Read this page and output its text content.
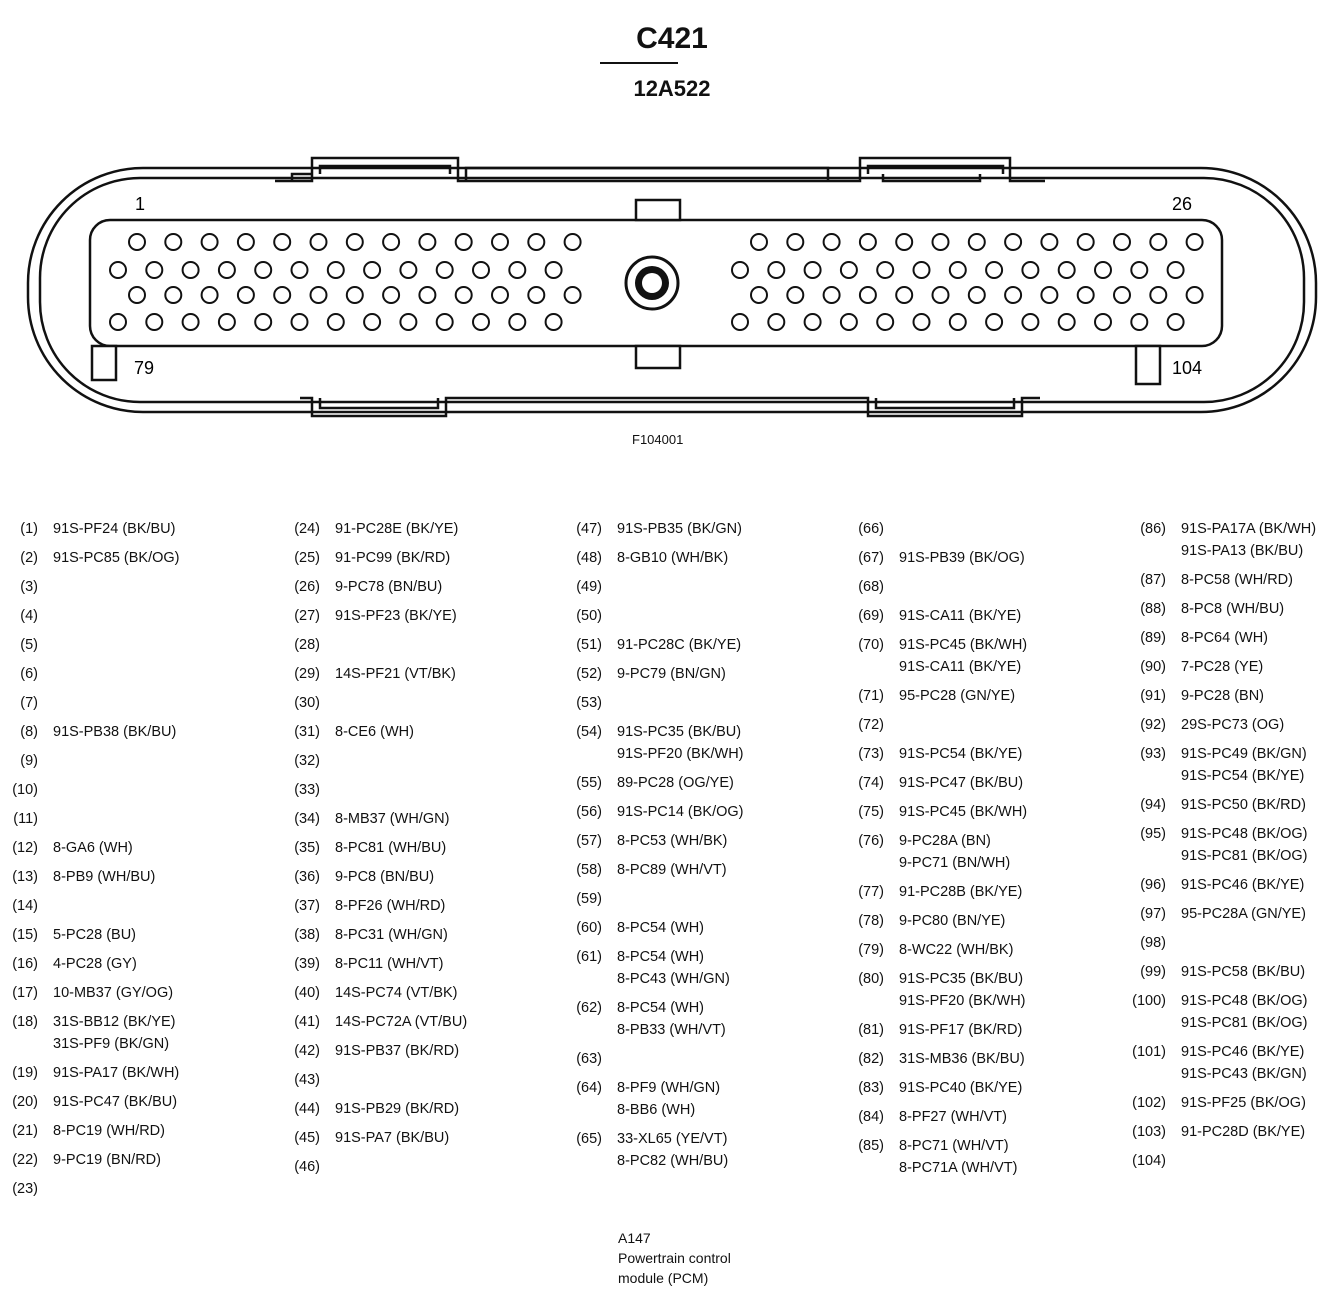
C421
12A522
1	26
79	104
F104001
(1) 91S-PF24 (BK/BU)
(2) 91S-PC85 (BK/OG)
(3)
(4)
(5)
(6)
(7)
(8) 91S-PB38 (BK/BU)
(9)
(10)
(11)
(12) 8-GA6 (WH)
(13) 8-PB9 (WH/BU)
(14)
(15) 5-PC28 (BU)
(16) 4-PC28 (GY)
(17) 10-MB37 (GY/OG)
(18) 31S-BB12 (BK/YE)
31S-PF9 (BK/GN)
(19) 91S-PA17 (BK/WH)
(20) 91S-PC47 (BK/BU)
(21) 8-PC19 (WH/RD)
(22) 9-PC19 (BN/RD)
(23)
(24) 91-PC28E (BK/YE)
(25) 91-PC99 (BK/RD)
(26) 9-PC78 (BN/BU)
(27) 91S-PF23 (BK/YE)
(28)
(29) 14S-PF21 (VT/BK)
(30)
(31) 8-CE6 (WH)
(32)
(33)
(34) 8-MB37 (WH/GN)
(35) 8-PC81 (WH/BU)
(36) 9-PC8 (BN/BU)
(37) 8-PF26 (WH/RD)
(38) 8-PC31 (WH/GN)
(39) 8-PC11 (WH/VT)
(40) 14S-PC74 (VT/BK)
(41) 14S-PC72A (VT/BU)
(42) 91S-PB37 (BK/RD)
(43)
(44) 91S-PB29 (BK/RD)
(45) 91S-PA7 (BK/BU)
(46)
(47) 91S-PB35 (BK/GN)
(48) 8-GB10 (WH/BK)
(49)
(50)
(51) 91-PC28C (BK/YE)
(52) 9-PC79 (BN/GN)
(53)
(54) 91S-PC35 (BK/BU)
91S-PF20 (BK/WH)
(55) 89-PC28 (OG/YE)
(56) 91S-PC14 (BK/OG)
(57) 8-PC53 (WH/BK)
(58) 8-PC89 (WH/VT)
(59)
(60) 8-PC54 (WH)
(61) 8-PC54 (WH)
8-PC43 (WH/GN)
(62) 8-PC54 (WH)
8-PB33 (WH/VT)
(63)
(64) 8-PF9 (WH/GN)
8-BB6 (WH)
(65) 33-XL65 (YE/VT)
8-PC82 (WH/BU)
(66)
(67) 91S-PB39 (BK/OG)
(68)
(69) 91S-CA11 (BK/YE)
(70) 91S-PC45 (BK/WH)
91S-CA11 (BK/YE)
(71) 95-PC28 (GN/YE)
(72)
(73) 91S-PC54 (BK/YE)
(74) 91S-PC47 (BK/BU)
(75) 91S-PC45 (BK/WH)
(76) 9-PC28A (BN)
9-PC71 (BN/WH)
(77) 91-PC28B (BK/YE)
(78) 9-PC80 (BN/YE)
(79) 8-WC22 (WH/BK)
(80) 91S-PC35 (BK/BU)
91S-PF20 (BK/WH)
(81) 91S-PF17 (BK/RD)
(82) 31S-MB36 (BK/BU)
(83) 91S-PC40 (BK/YE)
(84) 8-PF27 (WH/VT)
(85) 8-PC71 (WH/VT)
8-PC71A (WH/VT)
(86) 91S-PA17A (BK/WH)
91S-PA13 (BK/BU)
(87) 8-PC58 (WH/RD)
(88) 8-PC8 (WH/BU)
(89) 8-PC64 (WH)
(90) 7-PC28 (YE)
(91) 9-PC28 (BN)
(92) 29S-PC73 (OG)
(93) 91S-PC49 (BK/GN)
91S-PC54 (BK/YE)
(94) 91S-PC50 (BK/RD)
(95) 91S-PC48 (BK/OG)
91S-PC81 (BK/OG)
(96) 91S-PC46 (BK/YE)
(97) 95-PC28A (GN/YE)
(98)
(99) 91S-PC58 (BK/BU)
(100) 91S-PC48 (BK/OG)
91S-PC81 (BK/OG)
(101) 91S-PC46 (BK/YE)
91S-PC43 (BK/GN)
(102) 91S-PF25 (BK/OG)
(103) 91-PC28D (BK/YE)
(104)
A147
Powertrain control
module (PCM)
